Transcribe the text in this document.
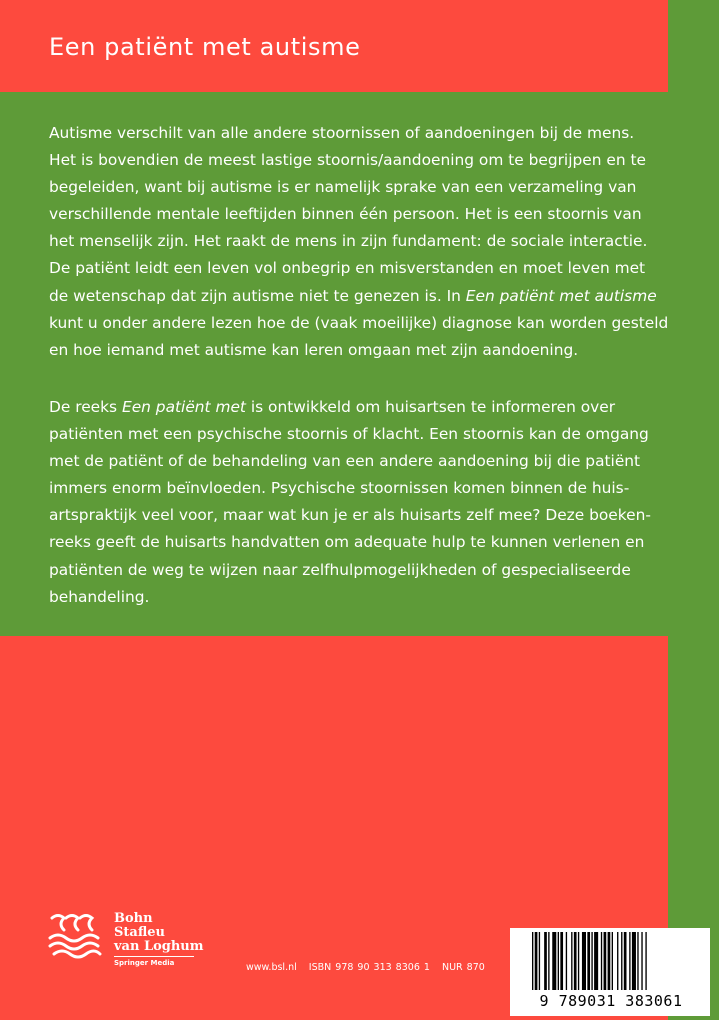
Een patiënt met autisme
Autisme verschilt van alle andere stoornissen of aandoeningen bij de mens.
Het is bovendien de meest lastige stoornis/aandoening om te begrijpen en te
begeleiden, want bij autisme is er namelijk sprake van een verzameling van
verschillende mentale leeftijden binnen één persoon. Het is een stoornis van
het menselijk zijn. Het raakt de mens in zijn fundament: de sociale interactie.
De patiënt leidt een leven vol onbegrip en misverstanden en moet leven met
de wetenschap dat zijn autisme niet te genezen is. In Een patiënt met autisme
kunt u onder andere lezen hoe de (vaak moeilijke) diagnose kan worden gesteld
en hoe iemand met autisme kan leren omgaan met zijn aandoening.
De reeks Een patiënt met is ontwikkeld om huisartsen te informeren over
patiënten met een psychische stoornis of klacht. Een stoornis kan de omgang
met de patiënt of de behandeling van een andere aandoening bij die patiënt
immers enorm beïnvloeden. Psychische stoornissen komen binnen de huis-
artspraktijk veel voor, maar wat kun je er als huisarts zelf mee? Deze boeken-
reeks geeft de huisarts handvatten om adequate hulp te kunnen verlenen en
patiënten de weg te wijzen naar zelfhulpmogelijkheden of gespecialiseerde
behandeling.
Bohn
Stafleu
van Loghum
Springer Media	www.bsl.nl ISBN 978 90 313 8306 1 NUR 870
9 789031 383061
